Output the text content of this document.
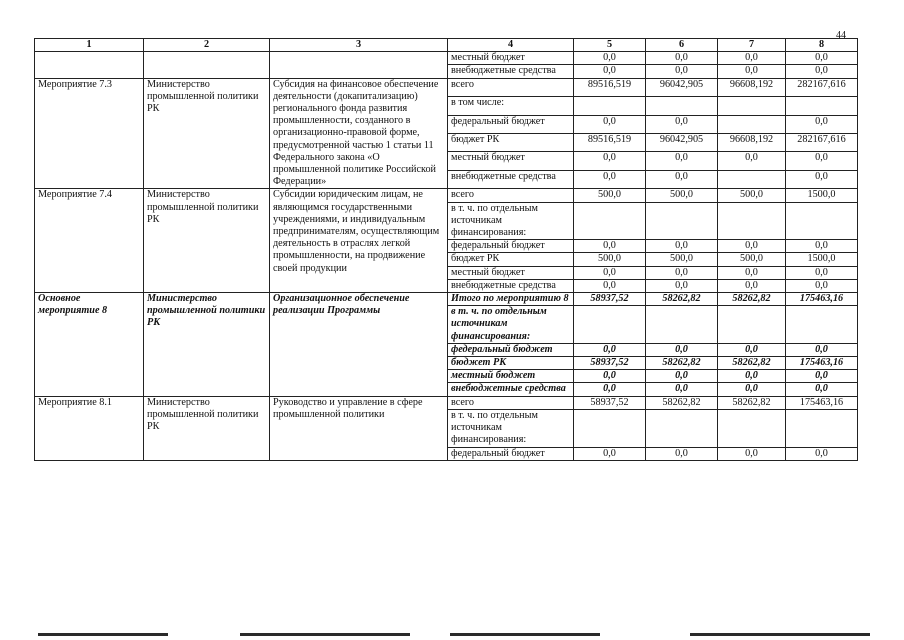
44
1	2	3	4	5	6	7	8
			местный бюджет	0,0	0,0	0,0	0,0
			внебюджетные средства	0,0	0,0	0,0	0,0
Мероприятие 7.3	Министерство промышленной политики РК	Субсидия на финансовое обеспечение деятельности (докапитализацию) регионального фонда развития промышленности, созданного в организационно-правовой форме, предусмотренной частью 1 статьи 11 Федерального закона «О промышленной политике Российской Федерации»	всего	89516,519	96042,905	96608,192	282167,616
			в том числе:				
			федеральный бюджет	0,0	0,0		0,0
			бюджет РК	89516,519	96042,905	96608,192	282167,616
			местный бюджет	0,0	0,0	0,0	0,0
			внебюджетные средства	0,0	0,0		0,0
Мероприятие 7.4	Министерство промышленной политики РК	Субсидии юридическим лицам, не являющимся государственными учреждениями, и индивидуальным предпринимателям, осуществляющим деятельность в отраслях легкой промышленности, на продвижение своей продукции	всего	500,0	500,0	500,0	1500,0
			в т. ч. по отдельным источникам финансирования:				
			федеральный бюджет	0,0	0,0	0,0	0,0
			бюджет РК	500,0	500,0	500,0	1500,0
			местный бюджет	0,0	0,0	0,0	0,0
			внебюджетные средства	0,0	0,0	0,0	0,0
Основное мероприятие 8	Министерство промышленной политики РК	Организационное обеспечение реализации Программы	Итого по мероприятию 8	58937,52	58262,82	58262,82	175463,16
			в т. ч. по отдельным источникам финансирования:				
			федеральный бюджет	0,0	0,0	0,0	0,0
			бюджет РК	58937,52	58262,82	58262,82	175463,16
			местный бюджет	0,0	0,0	0,0	0,0
			внебюджетные средства	0,0	0,0	0,0	0,0
Мероприятие 8.1	Министерство промышленной политики РК	Руководство и управление в сфере промышленной политики	всего	58937,52	58262,82	58262,82	175463,16
			в т. ч. по отдельным источникам финансирования:				
			федеральный бюджет	0,0	0,0	0,0	0,0
